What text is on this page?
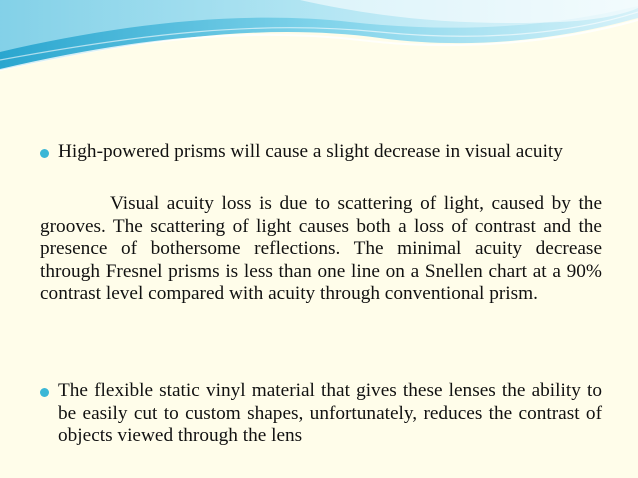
High-powered prisms will cause a slight decrease in visual acuity
Visual acuity loss is due to scattering of light, caused by the grooves. The scattering of light causes both a loss of contrast and the presence of bothersome reflections. The minimal acuity decrease through Fresnel prisms is less than one line on a Snellen chart at a 90% contrast level compared with acuity through conventional prism.
The flexible static vinyl material that gives these lenses the ability to be easily cut to custom shapes, unfortunately, reduces the contrast of objects viewed through the lens
